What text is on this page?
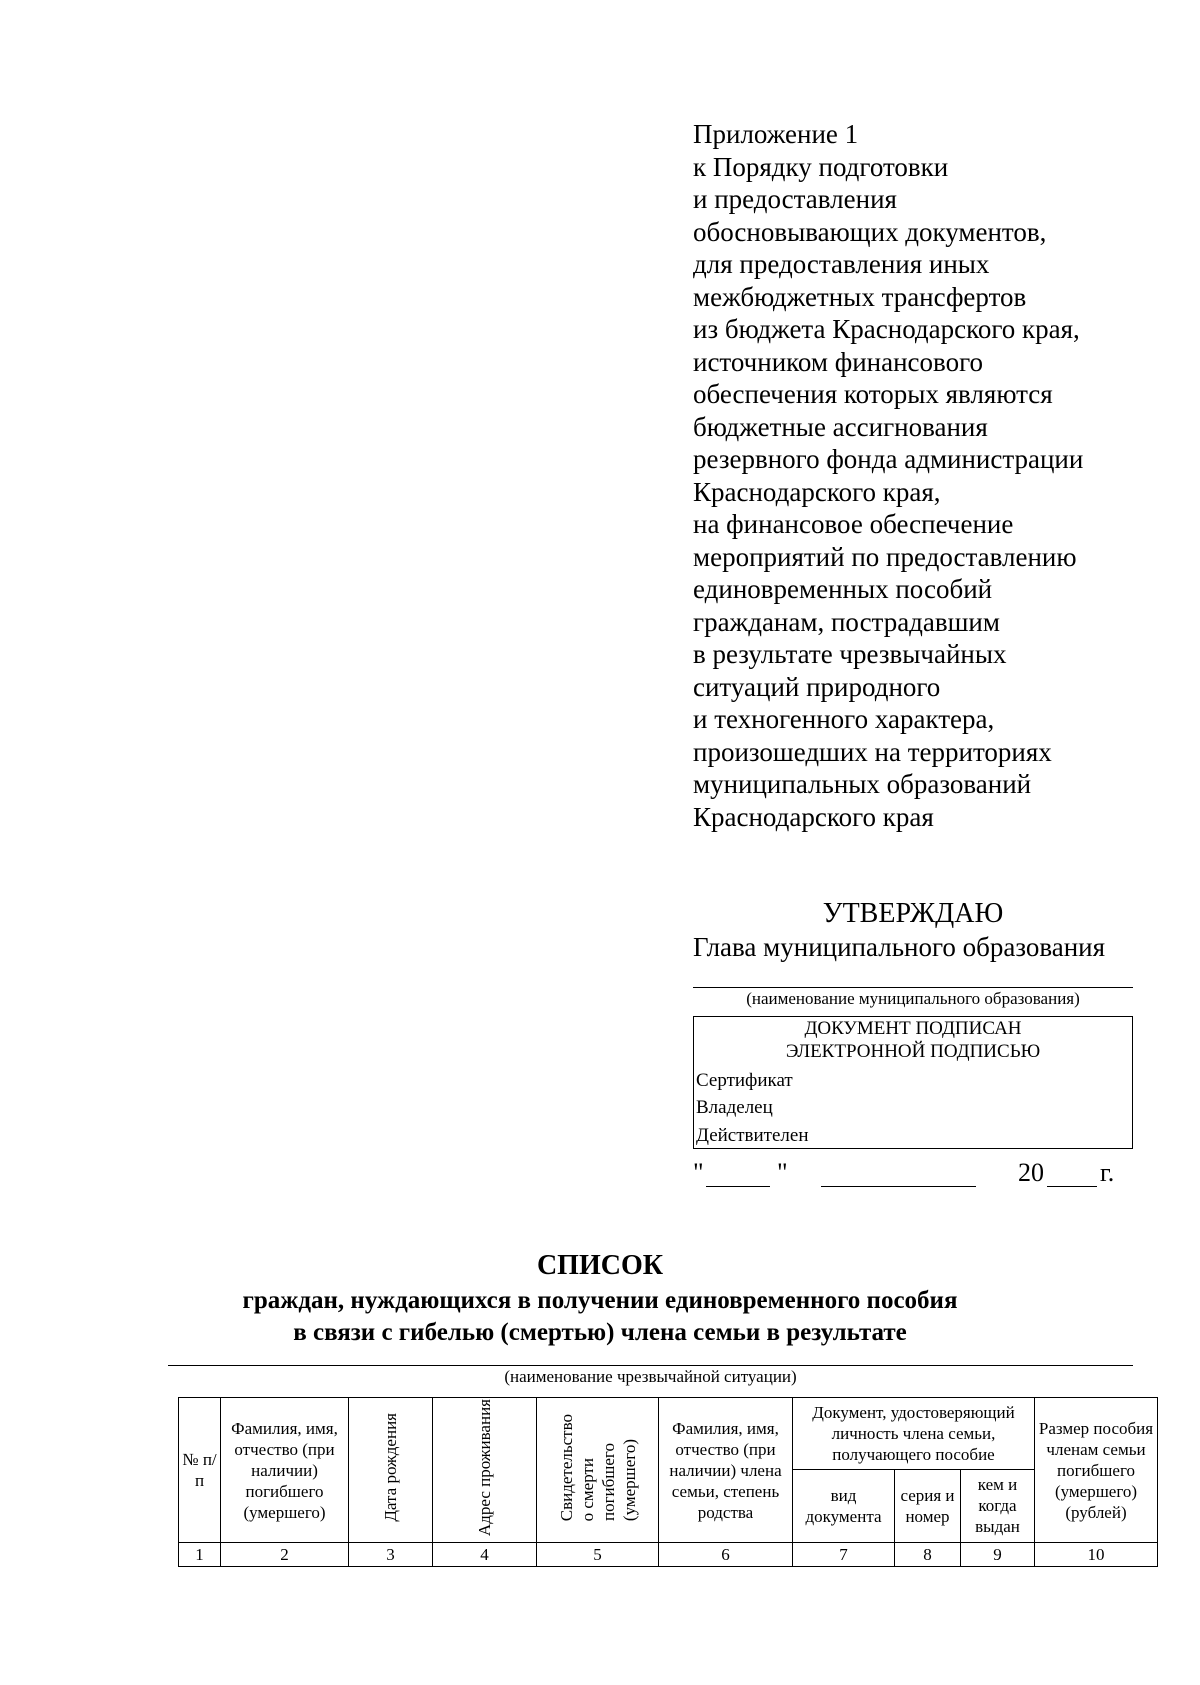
Приложение 1
к Порядку подготовки
и предоставления
обосновывающих документов,
для предоставления иных
межбюджетных трансфертов
из бюджета Краснодарского края,
источником финансового
обеспечения которых являются
бюджетные ассигнования
резервного фонда администрации
Краснодарского края,
на финансовое обеспечение
мероприятий по предоставлению
единовременных пособий
гражданам, пострадавшим
в результате чрезвычайных
ситуаций природного
и техногенного характера,
произошедших на территориях
муниципальных образований
Краснодарского края
УТВЕРЖДАЮ
Глава муниципального образования
(наименование муниципального образования)
ДОКУМЕНТ ПОДПИСАН
ЭЛЕКТРОННОЙ ПОДПИСЬЮ
Сертификат
Владелец
Действителен
"	"	20 г.
СПИСОК
граждан, нуждающихся в получении единовременного пособия
в связи с гибелью (смертью) члена семьи в результате
(наименование чрезвычайной ситуации)
№ п/п	Фамилия, имя, отчество (при наличии) погибшего (умершего)	Дата рождения	Адрес проживания	Свидетельство о смерти погибшего (умершего)	Фамилия, имя, отчество (при наличии) члена семьи, степень родства	Документ, удостоверяющий личность члена семьи, получающего пособие			Размер пособия членам семьи погибшего (умершего) (рублей)
						вид документа	серия и номер	кем и когда выдан	
1	2	3	4	5	6	7	8	9	10
